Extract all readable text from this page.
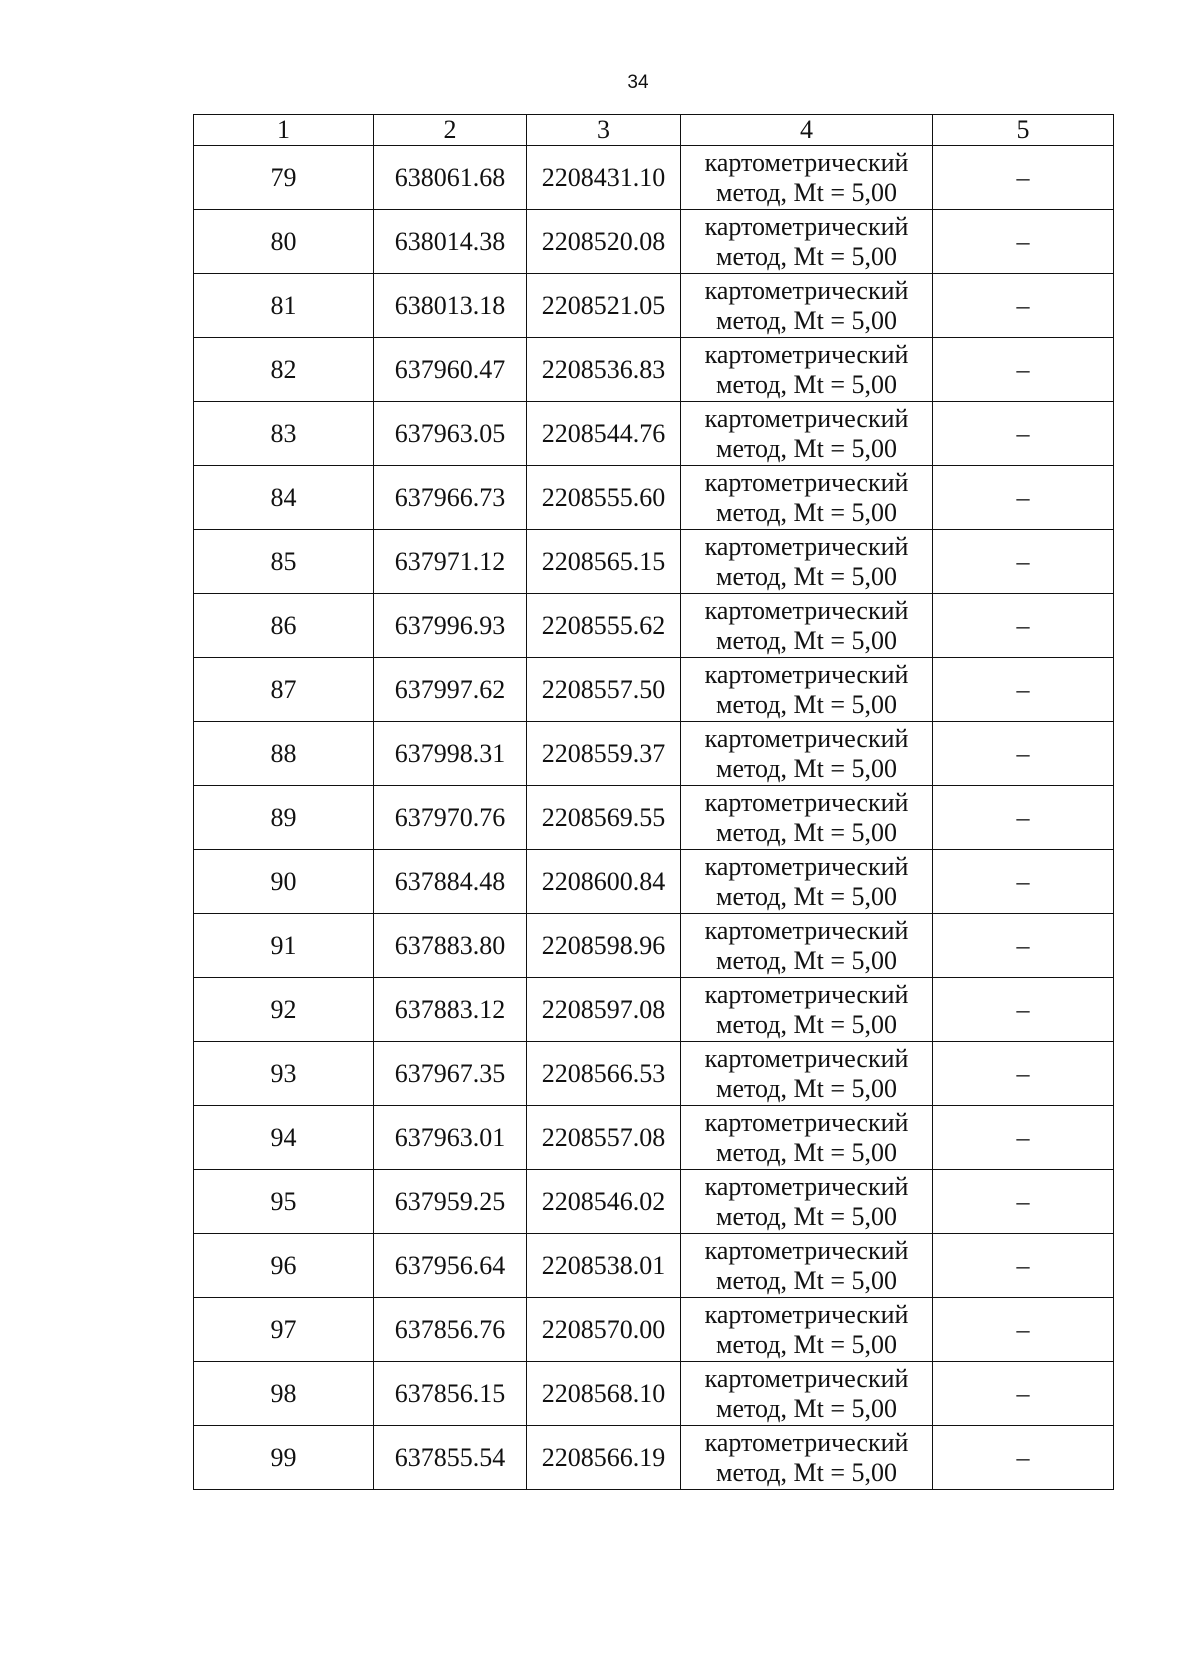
34
1	2	3	4	5
79	638061.68	2208431.10	картометрический
метод, Mt = 5,00	–
80	638014.38	2208520.08	картометрический
метод, Mt = 5,00	–
81	638013.18	2208521.05	картометрический
метод, Mt = 5,00	–
82	637960.47	2208536.83	картометрический
метод, Mt = 5,00	–
83	637963.05	2208544.76	картометрический
метод, Mt = 5,00	–
84	637966.73	2208555.60	картометрический
метод, Mt = 5,00	–
85	637971.12	2208565.15	картометрический
метод, Mt = 5,00	–
86	637996.93	2208555.62	картометрический
метод, Mt = 5,00	–
87	637997.62	2208557.50	картометрический
метод, Mt = 5,00	–
88	637998.31	2208559.37	картометрический
метод, Mt = 5,00	–
89	637970.76	2208569.55	картометрический
метод, Mt = 5,00	–
90	637884.48	2208600.84	картометрический
метод, Mt = 5,00	–
91	637883.80	2208598.96	картометрический
метод, Mt = 5,00	–
92	637883.12	2208597.08	картометрический
метод, Mt = 5,00	–
93	637967.35	2208566.53	картометрический
метод, Mt = 5,00	–
94	637963.01	2208557.08	картометрический
метод, Mt = 5,00	–
95	637959.25	2208546.02	картометрический
метод, Mt = 5,00	–
96	637956.64	2208538.01	картометрический
метод, Mt = 5,00	–
97	637856.76	2208570.00	картометрический
метод, Mt = 5,00	–
98	637856.15	2208568.10	картометрический
метод, Mt = 5,00	–
99	637855.54	2208566.19	картометрический
метод, Mt = 5,00	–
